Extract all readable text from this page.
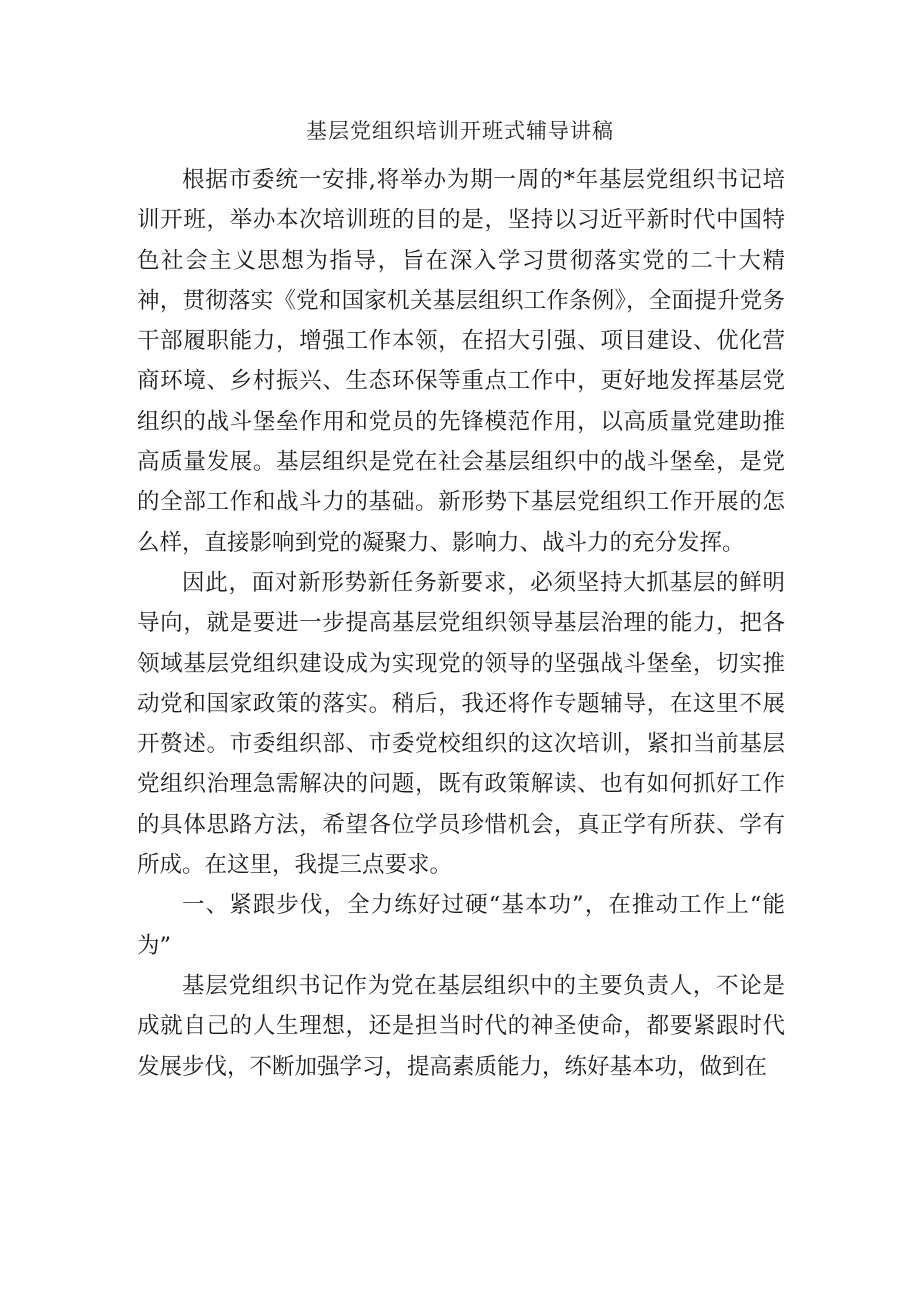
基层党组织培训开班式辅导讲稿

根据市委统一安排,将举办为期一周的*年基层党组织书记培训开班，举办本次培训班的目的是，坚持以习近平新时代中国特色社会主义思想为指导，旨在深入学习贯彻落实党的二十大精神，贯彻落实《党和国家机关基层组织工作条例》，全面提升党务干部履职能力，增强工作本领，在招大引强、项目建设、优化营商环境、乡村振兴、生态环保等重点工作中，更好地发挥基层党组织的战斗堡垒作用和党员的先锋模范作用，以高质量党建助推高质量发展。基层组织是党在社会基层组织中的战斗堡垒，是党的全部工作和战斗力的基础。新形势下基层党组织工作开展的怎么样，直接影响到党的凝聚力、影响力、战斗力的充分发挥。

因此，面对新形势新任务新要求，必须坚持大抓基层的鲜明导向，就是要进一步提高基层党组织领导基层治理的能力，把各领域基层党组织建设成为实现党的领导的坚强战斗堡垒，切实推动党和国家政策的落实。稍后，我还将作专题辅导，在这里不展开赘述。市委组织部、市委党校组织的这次培训，紧扣当前基层党组织治理急需解决的问题，既有政策解读、也有如何抓好工作的具体思路方法，希望各位学员珍惜机会，真正学有所获、学有所成。在这里，我提三点要求。

一、紧跟步伐，全力练好过硬“基本功”，在推动工作上“能为”

基层党组织书记作为党在基层组织中的主要负责人，不论是成就自己的人生理想，还是担当时代的神圣使命，都要紧跟时代发展步伐，不断加强学习，提高素质能力，练好基本功，做到在
